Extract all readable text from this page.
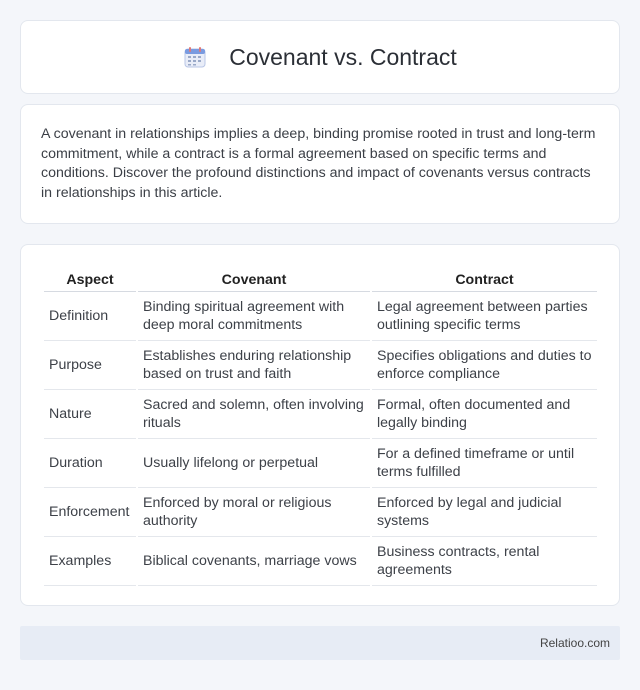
Covenant vs. Contract

A covenant in relationships implies a deep, binding promise rooted in trust and long-term commitment, while a contract is a formal agreement based on specific terms and conditions. Discover the profound distinctions and impact of covenants versus contracts in relationships in this article.

Aspect	Covenant	Contract
Definition	Binding spiritual agreement with deep moral commitments	Legal agreement between parties outlining specific terms
Purpose	Establishes enduring relationship based on trust and faith	Specifies obligations and duties to enforce compliance
Nature	Sacred and solemn, often involving rituals	Formal, often documented and legally binding
Duration	Usually lifelong or perpetual	For a defined timeframe or until terms fulfilled
Enforcement	Enforced by moral or religious authority	Enforced by legal and judicial systems
Examples	Biblical covenants, marriage vows	Business contracts, rental agreements
Relatioo.com
